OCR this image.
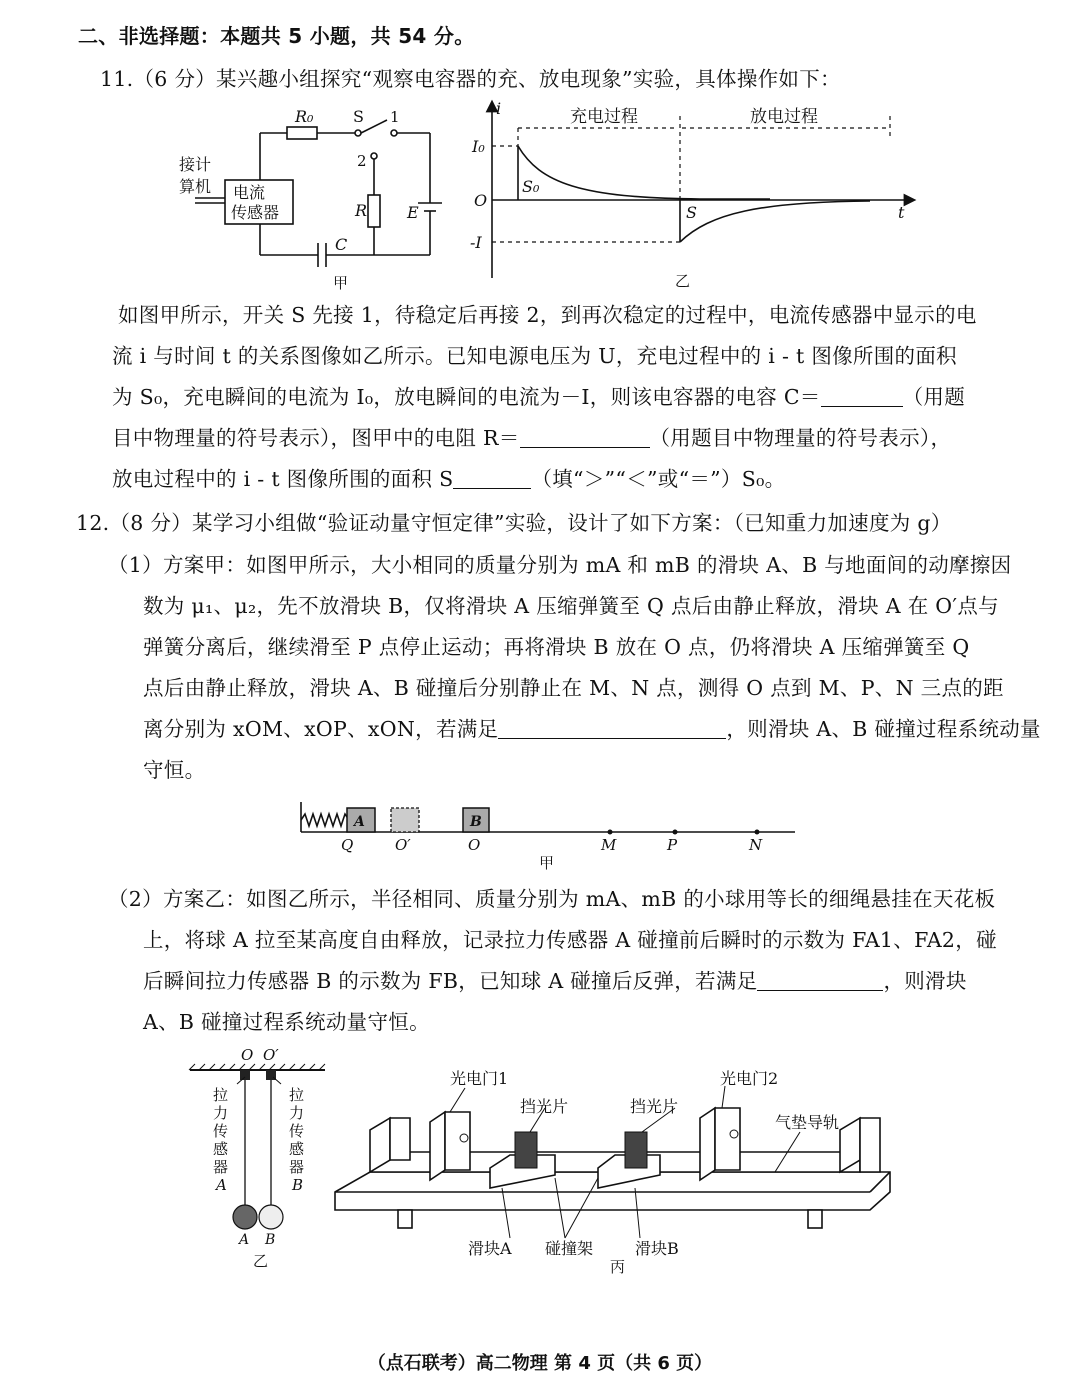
二、非选择题：本题共 5 小题，共 54 分。
11.（6 分）某兴趣小组探究“观察电容器的充、放电现象”实验，具体操作如下：
R₀ S 1
2
R E
C
接计
算机 电流
传感器
甲
i
t
充电过程	放电过程
I₀
O
-I
S₀
S
乙
如图甲所示，开关 S 先接 1，待稳定后再接 2，到再次稳定的过程中，电流传感器中显示的电
流 i 与时间 t 的关系图像如乙所示。已知电源电压为 U，充电过程中的 i - t 图像所围的面积
为 S₀，充电瞬间的电流为 I₀，放电瞬间的电流为－I，则该电容器的电容 C＝	（用题
目中物理量的符号表示），图甲中的电阻 R＝	（用题目中物理量的符号表示），
放电过程中的 i - t 图像所围的面积 S	（填“＞”“＜”或“＝”）S₀。
12.（8 分）某学习小组做“验证动量守恒定律”实验，设计了如下方案：（已知重力加速度为 g）
（1）方案甲：如图甲所示，大小相同的质量分别为 mA 和 mB 的滑块 A、B 与地面间的动摩擦因
数为 μ₁、μ₂，先不放滑块 B，仅将滑块 A 压缩弹簧至 Q 点后由静止释放，滑块 A 在 O′点与
弹簧分离后，继续滑至 P 点停止运动；再将滑块 B 放在 O 点，仍将滑块 A 压缩弹簧至 Q
点后由静止释放，滑块 A、B 碰撞后分别静止在 M、N 点，测得 O 点到 M、P、N 三点的距
离分别为 xOM、xOP、xON，若满足	，则滑块 A、B 碰撞过程系统动量
守恒。
A	B
Q	O′	O	M	P	N
甲
（2）方案乙：如图乙所示，半径相同、质量分别为 mA、mB 的小球用等长的细绳悬挂在天花板
上，将球 A 拉至某高度自由释放，记录拉力传感器 A 碰撞前后瞬时的示数为 FA1、FA2，碰
后瞬间拉力传感器 B 的示数为 FB，已知球 A 碰撞后反弹，若满足	，则滑块
A、B 碰撞过程系统动量守恒。
O O′
拉
力
传
感
器
A
拉
力
传
感
器
B
A B
乙
光电门1	光电门2
挡光片	挡光片
气垫导轨
滑块A 碰撞架	滑块B
丙
（点石联考）高二物理 第 4 页（共 6 页）
